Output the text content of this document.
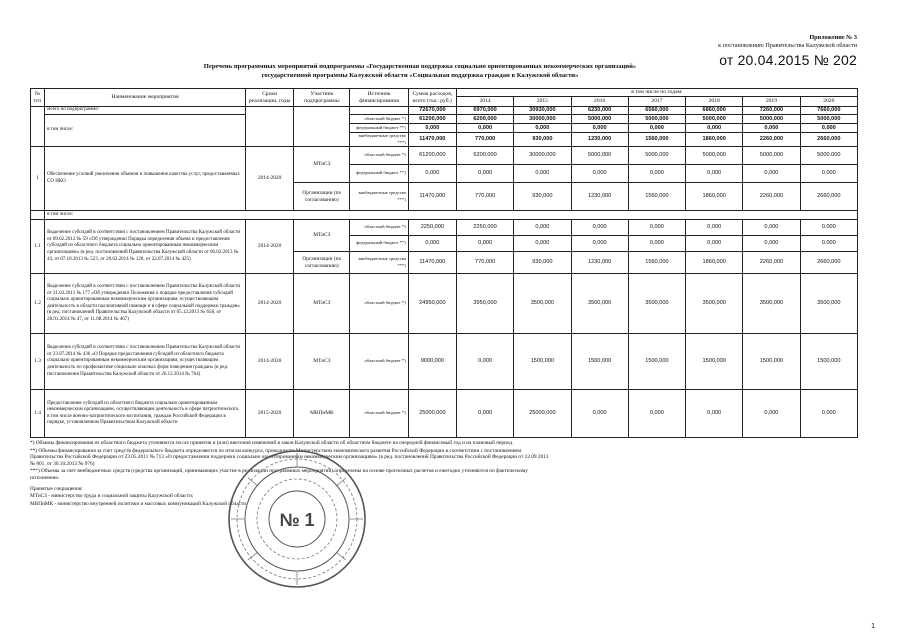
Приложение № 3
к постановлению Правительства Калужской области
от 20.04.2015 № 202
Перечень программных мероприятий подпрограммы «Государственная поддержка социально ориентированных некоммерческих организаций»
государственной программы Калужской области «Социальная поддержка граждан в Калужской области»
№ п/п	Наименование мероприятия	Сроки реализации, годы	Участник подпрограммы	Источник финансирования	Сумма расходов, всего (тыс. руб.)	в том числе по годам:						
						2014	2015	2016	2017	2018	2019	2020
	Всего по подпрограмме:				72670,000	6970,000	30930,000	6230,000	6560,000	6860,000	7260,000	7660,000
	в том числе:			областной бюджет *)	61200,000	6200,000	30000,000	5000,000	5000,000	5000,000	5000,000	5000,000
				федеральный бюджет **)	0,000	0,000	0,000	0,000	0,000	0,000	0,000	0,000
				внебюджетные средства ***)	11470,000	770,000	930,000	1230,000	1560,000	1860,000	2260,000	2660,000
1	Обеспечение условий увеличения объемов и повышение качества услуг, предоставляемых СО НКО	2014-2020	МТиСЗ	областной бюджет *)	61200,000	6200,000	30000,000	5000,000	5000,000	5000,000	5000,000	5000,000
				федеральный бюджет **)	0,000	0,000	0,000	0,000	0,000	0,000	0,000	0,000
			Организации (по согласованию)	внебюджетные средства ***)	11470,000	770,000	930,000	1230,000	1560,000	1860,000	2260,000	2660,000
	в том числе:											
1.1	Выделение субсидий в соответствии с постановлением Правительства Калужской области от 09.02.2012 № 59 «Об утверждении Порядка определения объема и предоставления субсидий из областного бюджета социально ориентированным некоммерческим организациям» (в ред. постановлений Правительства Калужской области от 06.02.2013 № 43, от 07.10.2013 № 523, от 20.02.2014 № 120, от 22.07.2014 № 425)	2014-2020	МТиСЗ	областной бюджет *)	2250,000	2250,000	0,000	0,000	0,000	0,000	0,000	0,000
				федеральный бюджет **)	0,000	0,000	0,000	0,000	0,000	0,000	0,000	0,000
			Организации (по согласованию)	внебюджетные средства ***)	11470,000	770,000	930,000	1230,000	1560,000	1860,000	2260,000	2660,000
1.2	Выделение субсидий в соответствии с постановлением Правительства Калужской области от 31.03.2011 № 177 «Об утверждении Положения о порядке предоставления субсидий социально ориентированным некоммерческим организациям, осуществляющим деятельность в области паллиативной помощи и в сфере социальной поддержки граждан» (в ред. постановлений Правительства Калужской области от 05.12.2013 № 658, от 28.01.2014 № 47, от 11.08.2014 № 467)	2014-2020	МТиСЗ	областной бюджет *)	24950,000	3950,000	3500,000	3500,000	3500,000	3500,000	3500,000	3500,000
1.3	Выделение субсидий в соответствии с постановлением Правительства Калужской области от 23.07.2014 № 436 «О Порядке предоставления субсидий из областного бюджета социально ориентированным некоммерческим организациям, осуществляющим деятельность по профилактике социально опасных форм поведения граждан» (в ред. постановления Правительства Калужской области от 20.12.2014 № 764)	2014-2020	МТиСЗ	областной бюджет *)	9000,000	0,000	1500,000	1500,000	1500,000	1500,000	1500,000	1500,000
1.4	Предоставление субсидий из областного бюджета социально ориентированным некоммерческим организациям, осуществляющим деятельность в сфере патриотического, в том числе военно-патриотического воспитания, граждан Российской Федерации в порядке, установленном Правительством Калужской области	2015-2020	МВПиМК	областной бюджет *)	25000,000	0,000	25000,000	0,000	0,000	0,000	0,000	0,000

*) Объемы финансирования из областного бюджета уточняются после принятия и (или) внесения изменений в закон Калужской области об областном бюджете на очередной финансовый год и на плановый период.

**) Объемы финансирования за счет средств федерального бюджета определяются по итогам конкурса, проводимого Министерством экономического развития Российской Федерации в соответствии с постановлением Правительства Российской Федерации от 23.05.2011 № 713 «О предоставлении поддержки социально ориентированным некоммерческим организациям» (в ред. постановлений Правительства Российской Федерации от 12.09.2013 № 801, от 30.10.2013 № 976)

***) Объемы за счет внебюджетных средств (средства организаций, принимающих участие в реализации программных мероприятий) определены на основе прогнозных расчетов и ежегодно уточняются по фактическому исполнению.

Принятые сокращения:

МТиСЗ - министерство труда и социальной защиты Калужской области;

МВПиМК - министерство внутренней политики и массовых коммуникаций Калужской области.

№ 1
1
